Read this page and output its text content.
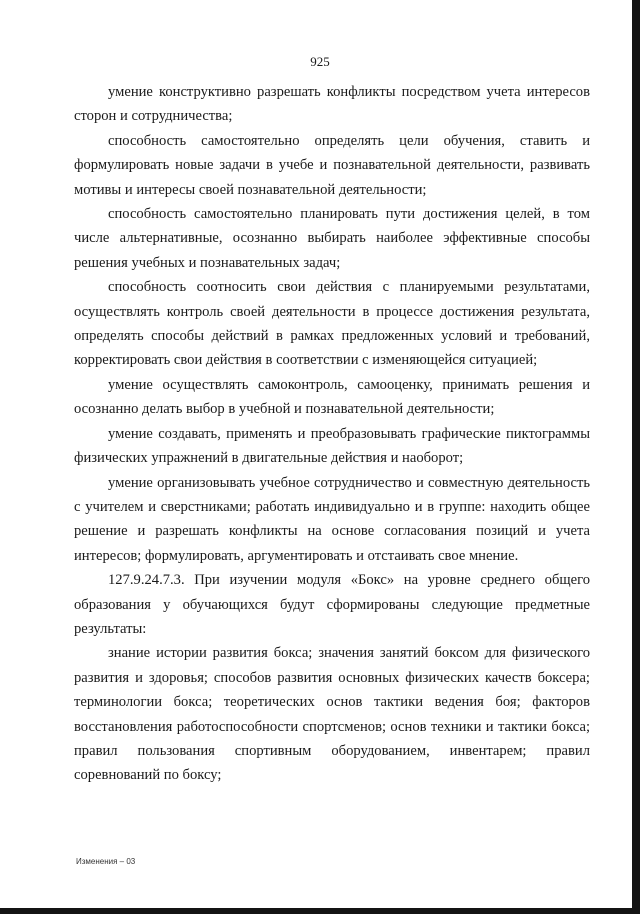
925

умение конструктивно разрешать конфликты посредством учета интересов сторон и сотрудничества;

способность самостоятельно определять цели обучения, ставить и формулировать новые задачи в учебе и познавательной деятельности, развивать мотивы и интересы своей познавательной деятельности;

способность самостоятельно планировать пути достижения целей, в том числе альтернативные, осознанно выбирать наиболее эффективные способы решения учебных и познавательных задач;

способность соотносить свои действия с планируемыми результатами, осуществлять контроль своей деятельности в процессе достижения результата, определять способы действий в рамках предложенных условий и требований, корректировать свои действия в соответствии с изменяющейся ситуацией;

умение осуществлять самоконтроль, самооценку, принимать решения и осознанно делать выбор в учебной и познавательной деятельности;

умение создавать, применять и преобразовывать графические пиктограммы физических упражнений в двигательные действия и наоборот;

умение организовывать учебное сотрудничество и совместную деятельность с учителем и сверстниками; работать индивидуально и в группе: находить общее решение и разрешать конфликты на основе согласования позиций и учета интересов; формулировать, аргументировать и отстаивать свое мнение.

127.9.24.7.3. При изучении модуля «Бокс» на уровне среднего общего образования у обучающихся будут сформированы следующие предметные результаты:

знание истории развития бокса; значения занятий боксом для физического развития и здоровья; способов развития основных физических качеств боксера; терминологии бокса; теоретических основ тактики ведения боя; факторов восстановления работоспособности спортсменов; основ техники и тактики бокса; правил пользования спортивным оборудованием, инвентарем; правил соревнований по боксу;

Изменения – 03
